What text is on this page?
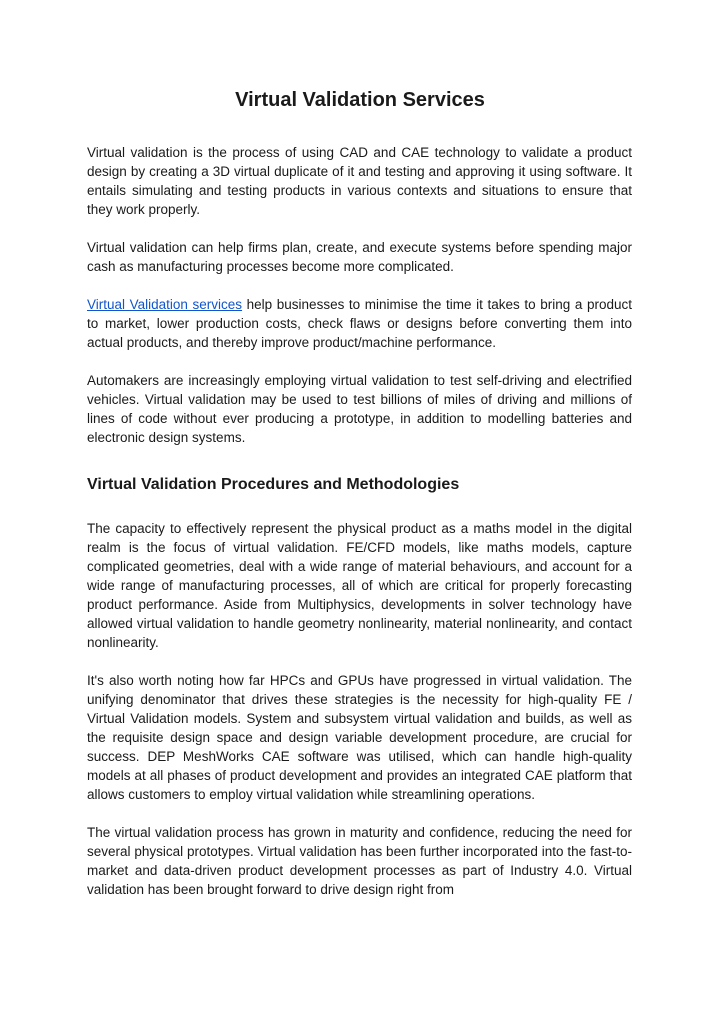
Virtual Validation Services

Virtual validation is the process of using CAD and CAE technology to validate a product design by creating a 3D virtual duplicate of it and testing and approving it using software. It entails simulating and testing products in various contexts and situations to ensure that they work properly.

Virtual validation can help firms plan, create, and execute systems before spending major cash as manufacturing processes become more complicated.

Virtual Validation services help businesses to minimise the time it takes to bring a product to market, lower production costs, check flaws or designs before converting them into actual products, and thereby improve product/machine performance.

Automakers are increasingly employing virtual validation to test self-driving and electrified vehicles. Virtual validation may be used to test billions of miles of driving and millions of lines of code without ever producing a prototype, in addition to modelling batteries and electronic design systems.

Virtual Validation Procedures and Methodologies

The capacity to effectively represent the physical product as a maths model in the digital realm is the focus of virtual validation. FE/CFD models, like maths models, capture complicated geometries, deal with a wide range of material behaviours, and account for a wide range of manufacturing processes, all of which are critical for properly forecasting product performance. Aside from Multiphysics, developments in solver technology have allowed virtual validation to handle geometry nonlinearity, material nonlinearity, and contact nonlinearity.

It's also worth noting how far HPCs and GPUs have progressed in virtual validation. The unifying denominator that drives these strategies is the necessity for high-quality FE / Virtual Validation models. System and subsystem virtual validation and builds, as well as the requisite design space and design variable development procedure, are crucial for success. DEP MeshWorks CAE software was utilised, which can handle high-quality models at all phases of product development and provides an integrated CAE platform that allows customers to employ virtual validation while streamlining operations.

The virtual validation process has grown in maturity and confidence, reducing the need for several physical prototypes. Virtual validation has been further incorporated into the fast-to-market and data-driven product development processes as part of Industry 4.0. Virtual validation has been brought forward to drive design right from
